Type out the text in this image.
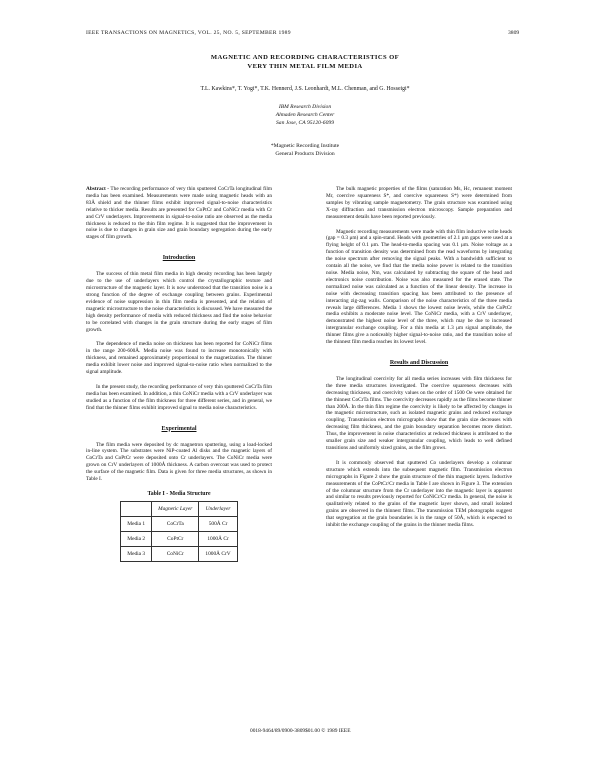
IEEE TRANSACTIONS ON MAGNETICS, VOL. 25, NO. 5, SEPTEMBER 1989	3809
MAGNETIC AND RECORDING CHARACTERISTICS OF
VERY THIN METAL FILM MEDIA
T.L. Kawkins*, T. Yogi*, T.K. Hennerd, J.S. Leonhardt, M.L. Chenman, and G. Hosseigi*
IBM Research Division
Almaden Research Center
San Jose, CA 95120-6099
*Magnetic Recording Institute
General Products Division

Abstract - The recording performance of very thin sputtered CoCrTa longitudinal film media has been examined. Measurements were made using magnetic heads with an 83Å shield and the thinner films exhibit improved signal-to-noise characteristics relative to thicker media. Results are presented for CoPtCr and CoNiCr media with Cr and CrV underlayers. Improvements in signal-to-noise ratio are observed as the media thickness is reduced to the thin film regime. It is suggested that the improvement in noise is due to changes in grain size and grain boundary segregation during the early stages of film growth.

Introduction

The success of thin metal film media in high density recording has been largely due to the use of underlayers which control the crystallographic texture and microstructure of the magnetic layer. It is now understood that the transition noise is a strong function of the degree of exchange coupling between grains. Experimental evidence of noise suppression in thin film media is presented, and the relation of magnetic microstructure to the noise characteristics is discussed. We have measured the high density performance of media with reduced thickness and find the noise behavior to be correlated with changes in the grain structure during the early stages of film growth.

The dependence of media noise on thickness has been reported for CoNiCr films in the range 200-600Å. Media noise was found to increase monotonically with thickness, and remained approximately proportional to the magnetization. The thinner media exhibit lower noise and improved signal-to-noise ratio when normalized to the signal amplitude.

In the present study, the recording performance of very thin sputtered CoCrTa film media has been examined. In addition, a thin CoNiCr media with a CrV underlayer was studied as a function of the film thickness for three different series, and in general, we find that the thinner films exhibit improved signal to media noise characteristics.

Experimental

The film media were deposited by dc magnetron sputtering, using a load-locked in-line system. The substrates were NiP-coated Al disks and the magnetic layers of CoCrTa and CoPtCr were deposited onto Cr underlayers. The CoNiCr media were grown on CrV underlayers of 1000Å thickness. A carbon overcoat was used to protect the surface of the magnetic film. Data is given for three media structures, as shown in Table I.

Table I - Media Structure
	Magnetic Layer	Underlayer
Media 1	CoCrTa	500Å Cr
Media 2	CoPtCr	1000Å Cr
Media 3	CoNiCr	1000Å CrV

The bulk magnetic properties of the films (saturation Ms, Hc, remanent moment Mr, coercive squareness S*, and coercive squareness S*) were determined from samples by vibrating sample magnetometry. The grain structure was examined using X-ray diffraction and transmission electron microscopy. Sample preparation and measurement details have been reported previously.

Magnetic recording measurements were made with thin film inductive write heads (gap = 0.3 μm) and a spin-stand. Heads with geometries of 2.1 μm gaps were used at a flying height of 0.1 μm. The head-to-media spacing was 0.1 μm. Noise voltage as a function of transition density was determined from the read waveforms by integrating the noise spectrum after removing the signal peaks. With a bandwidth sufficient to contain all the noise, we find that the media noise power is related to the transition noise. Media noise, Nm, was calculated by subtracting the square of the head and electronics noise contribution. Noise was also measured for the erased state. The normalized noise was calculated as a function of the linear density. The increase in noise with decreasing transition spacing has been attributed to the presence of interacting zig-zag walls. Comparison of the noise characteristics of the three media reveals large differences. Media 1 shows the lowest noise levels, while the CoPtCr media exhibits a moderate noise level. The CoNiCr media, with a CrV underlayer, demonstrated the highest noise level of the three, which may be due to increased intergranular exchange coupling. For a thin media at 1.3 μm signal amplitude, the thinner films give a noticeably higher signal-to-noise ratio, and the transition noise of the thinnest film media reaches its lowest level.

Results and Discussion

The longitudinal coercivity for all media series increases with film thickness for the three media structures investigated. The coercive squareness decreases with decreasing thickness, and coercivity values on the order of 1500 Oe were obtained for the thinnest CoCrTa films. The coercivity decreases rapidly as the films become thinner than 200Å. In the thin film regime the coercivity is likely to be affected by changes in the magnetic microstructure, such as isolated magnetic grains and reduced exchange coupling. Transmission electron micrographs show that the grain size decreases with decreasing film thickness, and the grain boundary separation becomes more distinct. Thus, the improvement in noise characteristics at reduced thickness is attributed to the smaller grain size and weaker intergranular coupling, which leads to well defined transitions and uniformly sized grains, as the film grows.

It is commonly observed that sputtered Co underlayers develop a columnar structure which extends into the subsequent magnetic film. Transmission electron micrographs in Figure 2 show the grain structure of the thin magnetic layers. Inductive measurements of the CoPtCr/Cr media in Table I are shown in Figure 3. The extension of the columnar structure from the Cr underlayer into the magnetic layer is apparent and similar to results previously reported for CoNiCr/Cr media. In general, the noise is qualitatively related to the grains of the magnetic layer shown, and small isolated grains are observed in the thinnest films. The transmission TEM photographs suggest that segregation at the grain boundaries is in the range of 50Å, which is expected to inhibit the exchange coupling of the grains in the thinner media films.

0018-9464/89/0900-3809$01.00 © 1989 IEEE
